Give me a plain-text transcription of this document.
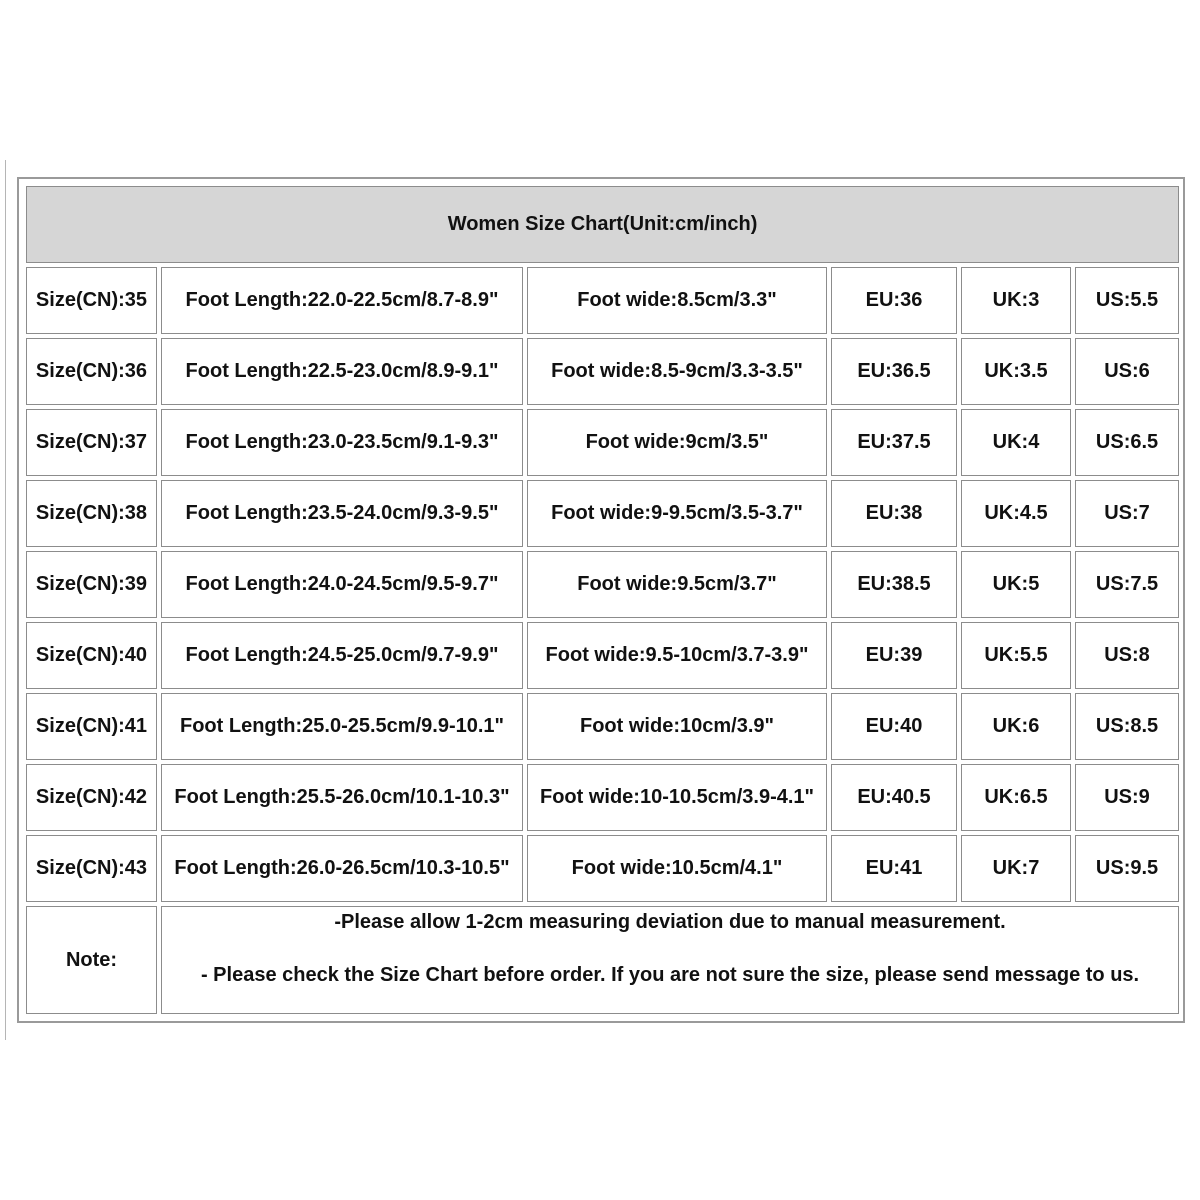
Women Size Chart(Unit:cm/inch)					
Size(CN):35	Foot Length:22.0-22.5cm/8.7-8.9"	Foot wide:8.5cm/3.3"	EU:36	UK:3	US:5.5
Size(CN):36	Foot Length:22.5-23.0cm/8.9-9.1"	Foot wide:8.5-9cm/3.3-3.5"	EU:36.5	UK:3.5	US:6
Size(CN):37	Foot Length:23.0-23.5cm/9.1-9.3"	Foot wide:9cm/3.5"	EU:37.5	UK:4	US:6.5
Size(CN):38	Foot Length:23.5-24.0cm/9.3-9.5"	Foot wide:9-9.5cm/3.5-3.7"	EU:38	UK:4.5	US:7
Size(CN):39	Foot Length:24.0-24.5cm/9.5-9.7"	Foot wide:9.5cm/3.7"	EU:38.5	UK:5	US:7.5
Size(CN):40	Foot Length:24.5-25.0cm/9.7-9.9"	Foot wide:9.5-10cm/3.7-3.9"	EU:39	UK:5.5	US:8
Size(CN):41	Foot Length:25.0-25.5cm/9.9-10.1"	Foot wide:10cm/3.9"	EU:40	UK:6	US:8.5
Size(CN):42	Foot Length:25.5-26.0cm/10.1-10.3"	Foot wide:10-10.5cm/3.9-4.1"	EU:40.5	UK:6.5	US:9
Size(CN):43	Foot Length:26.0-26.5cm/10.3-10.5"	Foot wide:10.5cm/4.1"	EU:41	UK:7	US:9.5
Note:	-Please allow 1-2cm measuring deviation due to manual measurement.
- Please check the Size Chart before order. If you are not sure the size, please send message to us.				
